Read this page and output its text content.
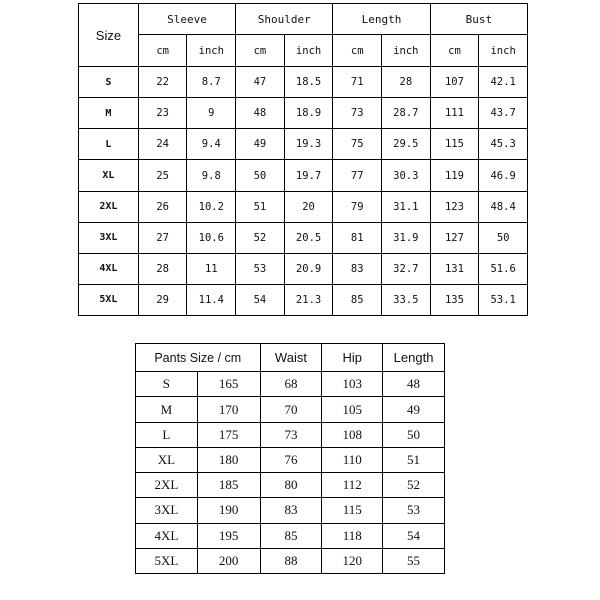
Size	Sleeve		Shoulder		Length		Bust	
	cm	inch	cm	inch	cm	inch	cm	inch
S	22	8.7	47	18.5	71	28	107	42.1
M	23	9	48	18.9	73	28.7	111	43.7
L	24	9.4	49	19.3	75	29.5	115	45.3
XL	25	9.8	50	19.7	77	30.3	119	46.9
2XL	26	10.2	51	20	79	31.1	123	48.4
3XL	27	10.6	52	20.5	81	31.9	127	50
4XL	28	11	53	20.9	83	32.7	131	51.6
5XL	29	11.4	54	21.3	85	33.5	135	53.1
Pants Size / cm		Waist	Hip	Length
S	165	68	103	48
M	170	70	105	49
L	175	73	108	50
XL	180	76	110	51
2XL	185	80	112	52
3XL	190	83	115	53
4XL	195	85	118	54
5XL	200	88	120	55
